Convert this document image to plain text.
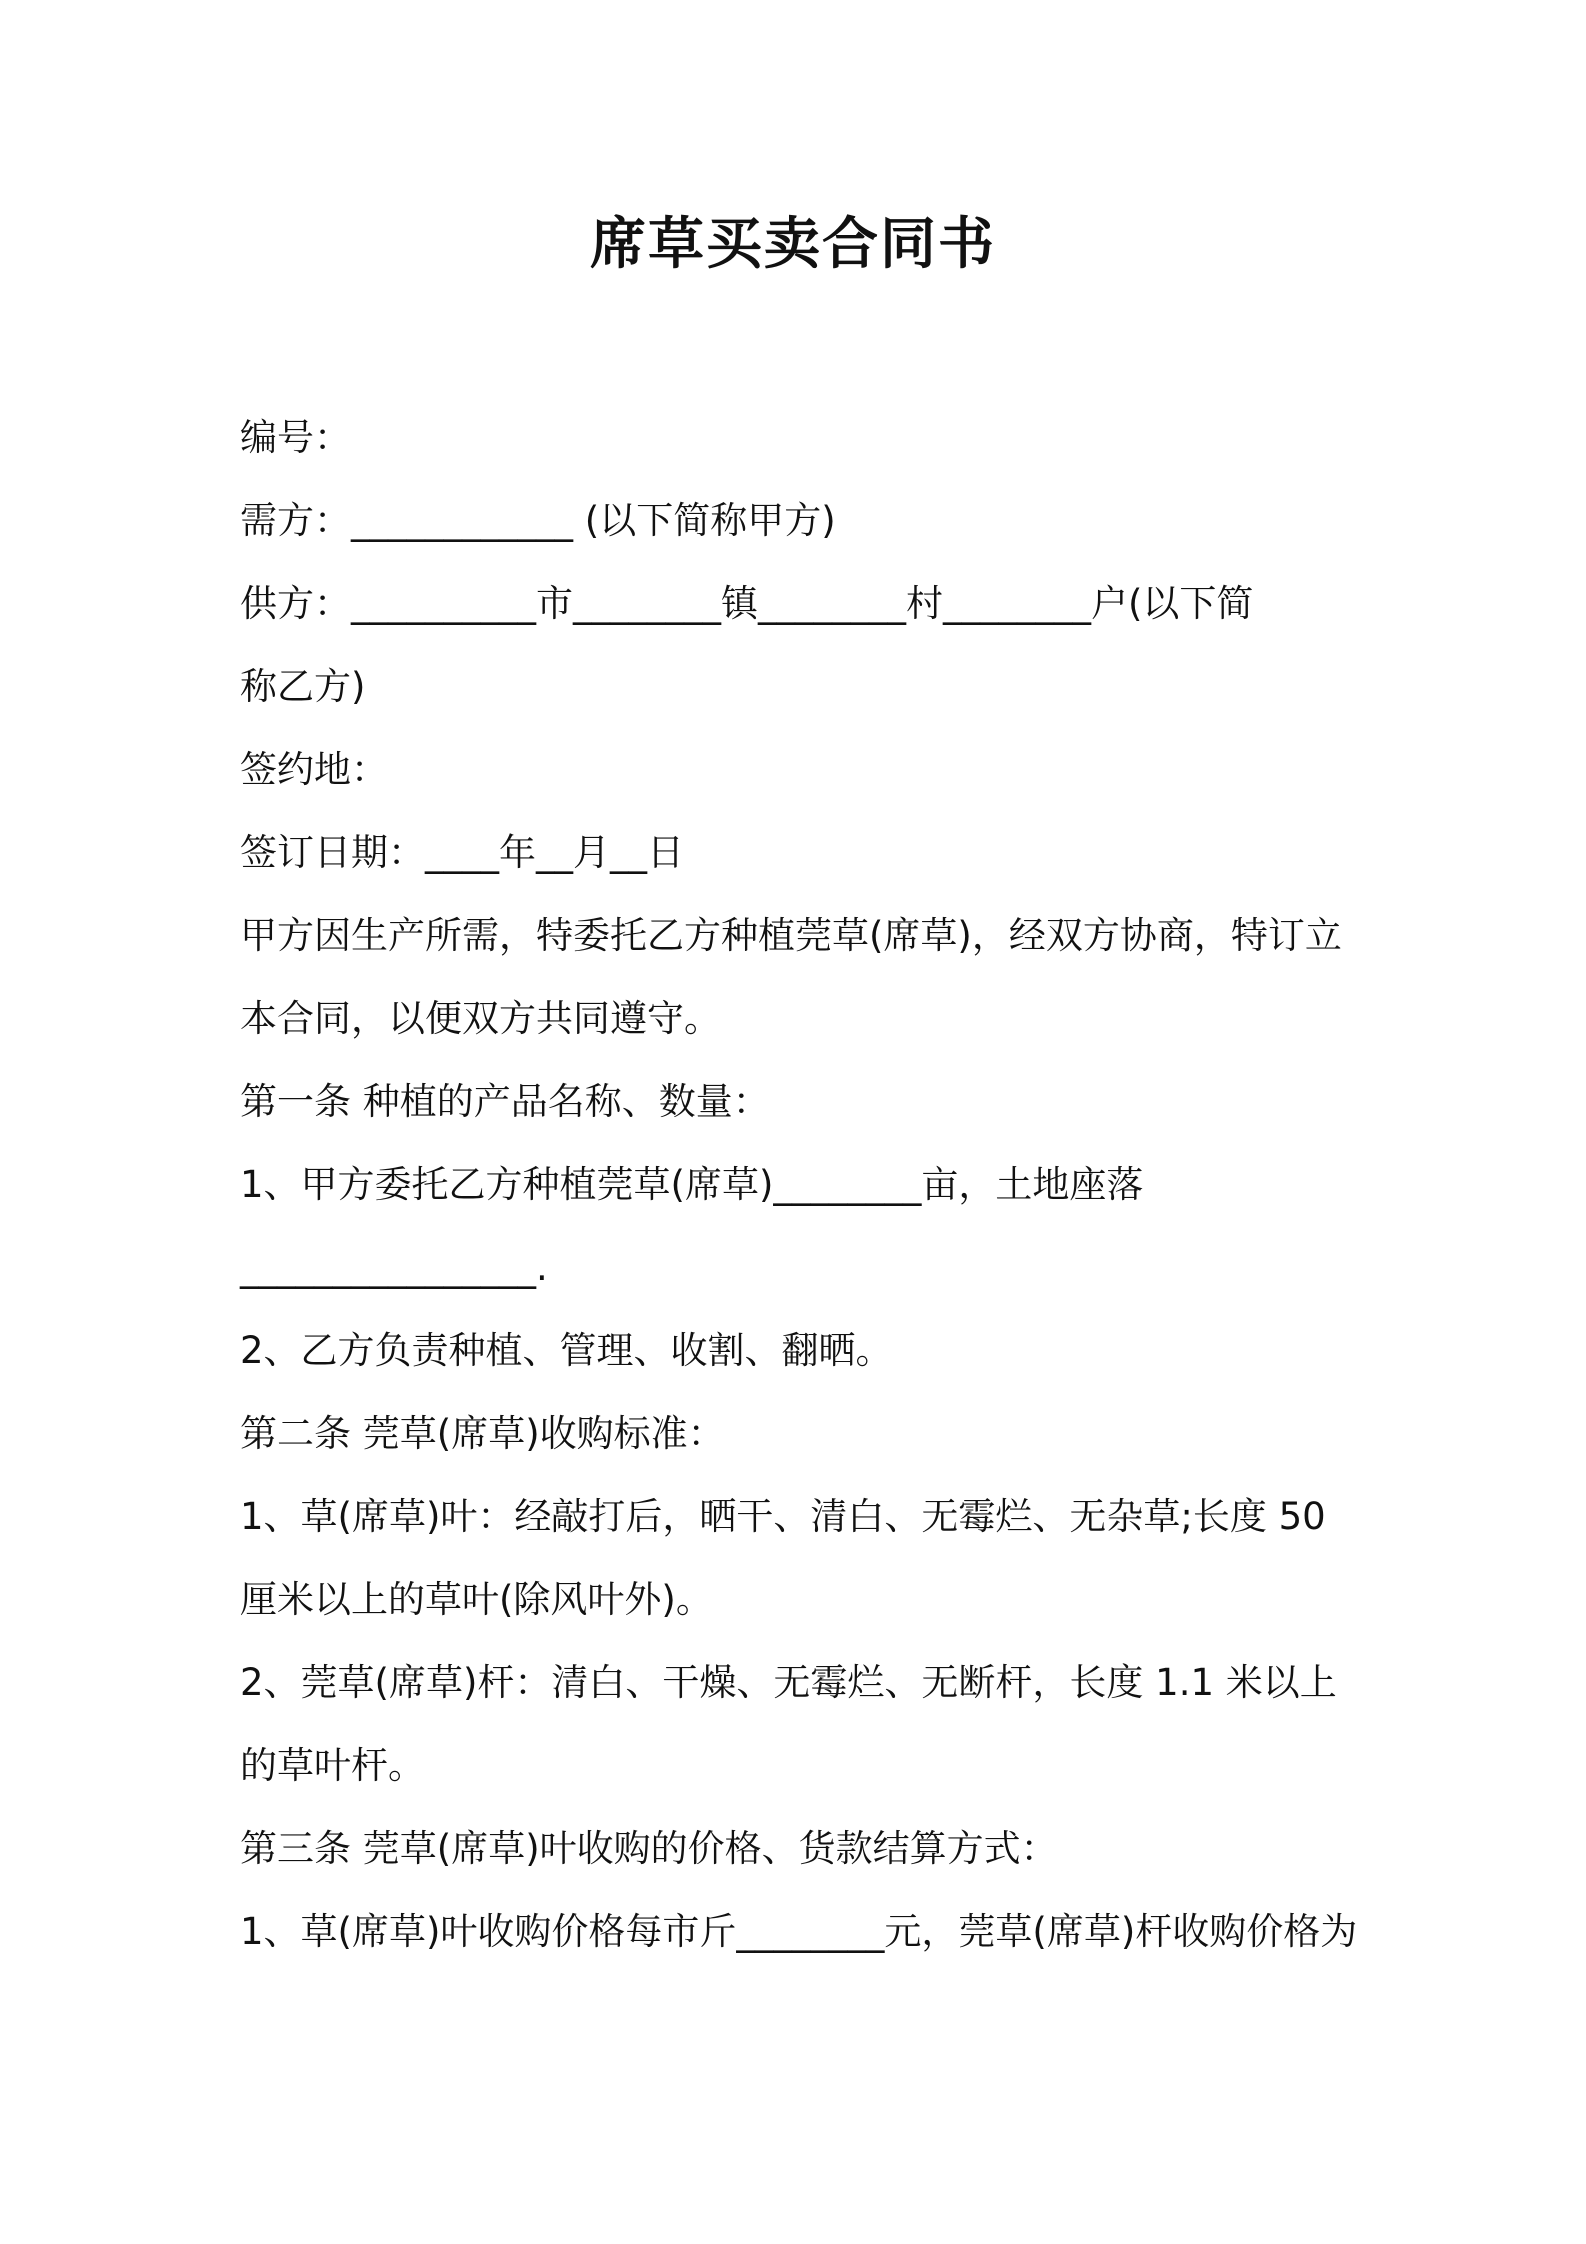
席草买卖合同书
编号：
需方：____________ (以下简称甲方)
供方：__________市________镇________村________户(以下简
称乙方)
签约地：
签订日期：____年__月__日
甲方因生产所需，特委托乙方种植莞草(席草)，经双方协商，特订立
本合同，以便双方共同遵守。
第一条 种植的产品名称、数量：
1、甲方委托乙方种植莞草(席草)________亩，土地座落
________________.
2、乙方负责种植、管理、收割、翻晒。
第二条 莞草(席草)收购标准：
1、草(席草)叶：经敲打后，晒干、清白、无霉烂、无杂草;长度 50
厘米以上的草叶(除风叶外)。
2、莞草(席草)杆：清白、干燥、无霉烂、无断杆，长度 1.1 米以上
的草叶杆。
第三条 莞草(席草)叶收购的价格、货款结算方式：
1、草(席草)叶收购价格每市斤________元，莞草(席草)杆收购价格为
